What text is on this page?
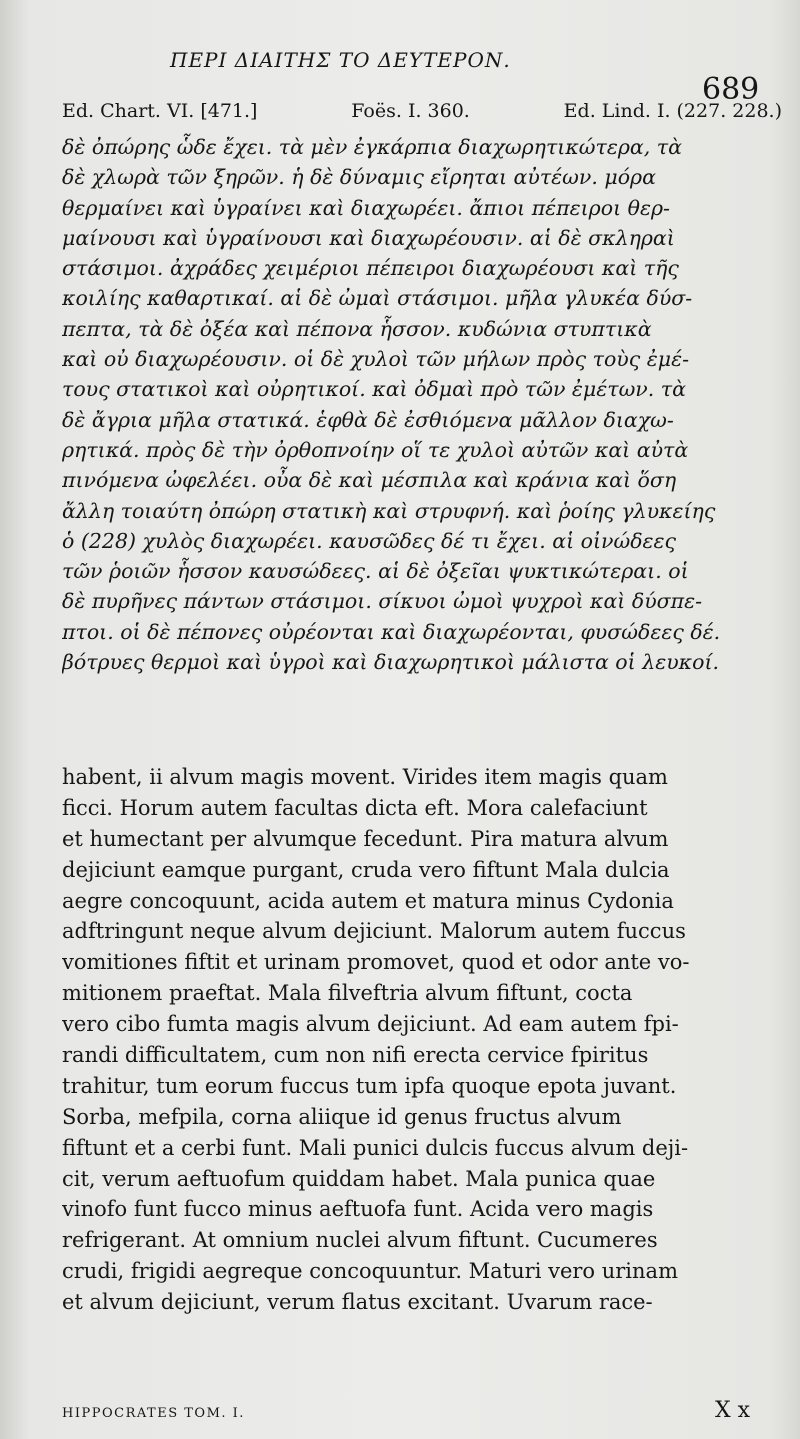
ΠΕΡΙ ΔΙΑΙΤΗΣ ΤΟ ΔΕΥΤΕΡΟΝ.
689
Ed. Chart. VI. [471.]	Foës. I. 360.	Ed. Lind. I. (227. 228.)
δὲ ὀπώρης ὧδε ἔχει. τὰ μὲν ἐγκάρπια διαχωρητικώτερα, τὰ
δὲ χλωρὰ τῶν ξηρῶν. ἡ δὲ δύναμις εἴρηται αὐτέων. μόρα
θερμαίνει καὶ ὑγραίνει καὶ διαχωρέει. ἄπιοι πέπειροι θερ-
μαίνουσι καὶ ὑγραίνουσι καὶ διαχωρέουσιν. αἱ δὲ σκληραὶ
στάσιμοι. ἀχράδες χειμέριοι πέπειροι διαχωρέουσι καὶ τῆς
κοιλίης καθαρτικαί. αἱ δὲ ὠμαὶ στάσιμοι. μῆλα γλυκέα δύσ-
πεπτα, τὰ δὲ ὀξέα καὶ πέπονα ἧσσον. κυδώνια στυπτικὰ
καὶ οὐ διαχωρέουσιν. οἱ δὲ χυλοὶ τῶν μήλων πρὸς τοὺς ἐμέ-
τους στατικοὶ καὶ οὐρητικοί. καὶ ὀδμαὶ πρὸ τῶν ἐμέτων. τὰ
δὲ ἄγρια μῆλα στατικά. ἑφθὰ δὲ ἐσθιόμενα μᾶλλον διαχω-
ρητικά. πρὸς δὲ τὴν ὀρθοπνοίην οἵ τε χυλοὶ αὐτῶν καὶ αὐτὰ
πινόμενα ὠφελέει. οὖα δὲ καὶ μέσπιλα καὶ κράνια καὶ ὅση
ἄλλη τοιαύτη ὀπώρη στατικὴ καὶ στρυφνή. καὶ ῥοίης γλυκείης
ὁ (228) χυλὸς διαχωρέει. καυσῶδες δέ τι ἔχει. αἱ οἰνώδεες
τῶν ῥοιῶν ἧσσον καυσώδεες. αἱ δὲ ὀξεῖαι ψυκτικώτεραι. οἱ
δὲ πυρῆνες πάντων στάσιμοι. σίκυοι ὠμοὶ ψυχροὶ καὶ δύσπε-
πτοι. οἱ δὲ πέπονες οὐρέονται καὶ διαχωρέονται, φυσώδεες δέ.
βότρυες θερμοὶ καὶ ὑγροὶ καὶ διαχωρητικοὶ μάλιστα οἱ λευκοί.
habent, ii alvum magis movent. Virides item magis quam
ficci. Horum autem facultas dicta eft. Mora calefaciunt
et humectant per alvumque fecedunt. Pira matura alvum
dejiciunt eamque purgant, cruda vero fiftunt Mala dulcia
aegre concoquunt, acida autem et matura minus Cydonia
adftringunt neque alvum dejiciunt. Malorum autem fuccus
vomitiones fiftit et urinam promovet, quod et odor ante vo-
mitionem praeftat. Mala filveftria alvum fiftunt, cocta
vero cibo fumta magis alvum dejiciunt. Ad eam autem fpi-
randi difficultatem, cum non nifi erecta cervice fpiritus
trahitur, tum eorum fuccus tum ipfa quoque epota juvant.
Sorba, mefpila, corna aliique id genus fructus alvum
fiftunt et a cerbi funt. Mali punici dulcis fuccus alvum deji-
cit, verum aeftuofum quiddam habet. Mala punica quae
vinofo funt fucco minus aeftuofa funt. Acida vero magis
refrigerant. At omnium nuclei alvum fiftunt. Cucumeres
crudi, frigidi aegreque concoquuntur. Maturi vero urinam
et alvum dejiciunt, verum flatus excitant. Uvarum race-
HIPPOCRATES TOM. I.	X x
